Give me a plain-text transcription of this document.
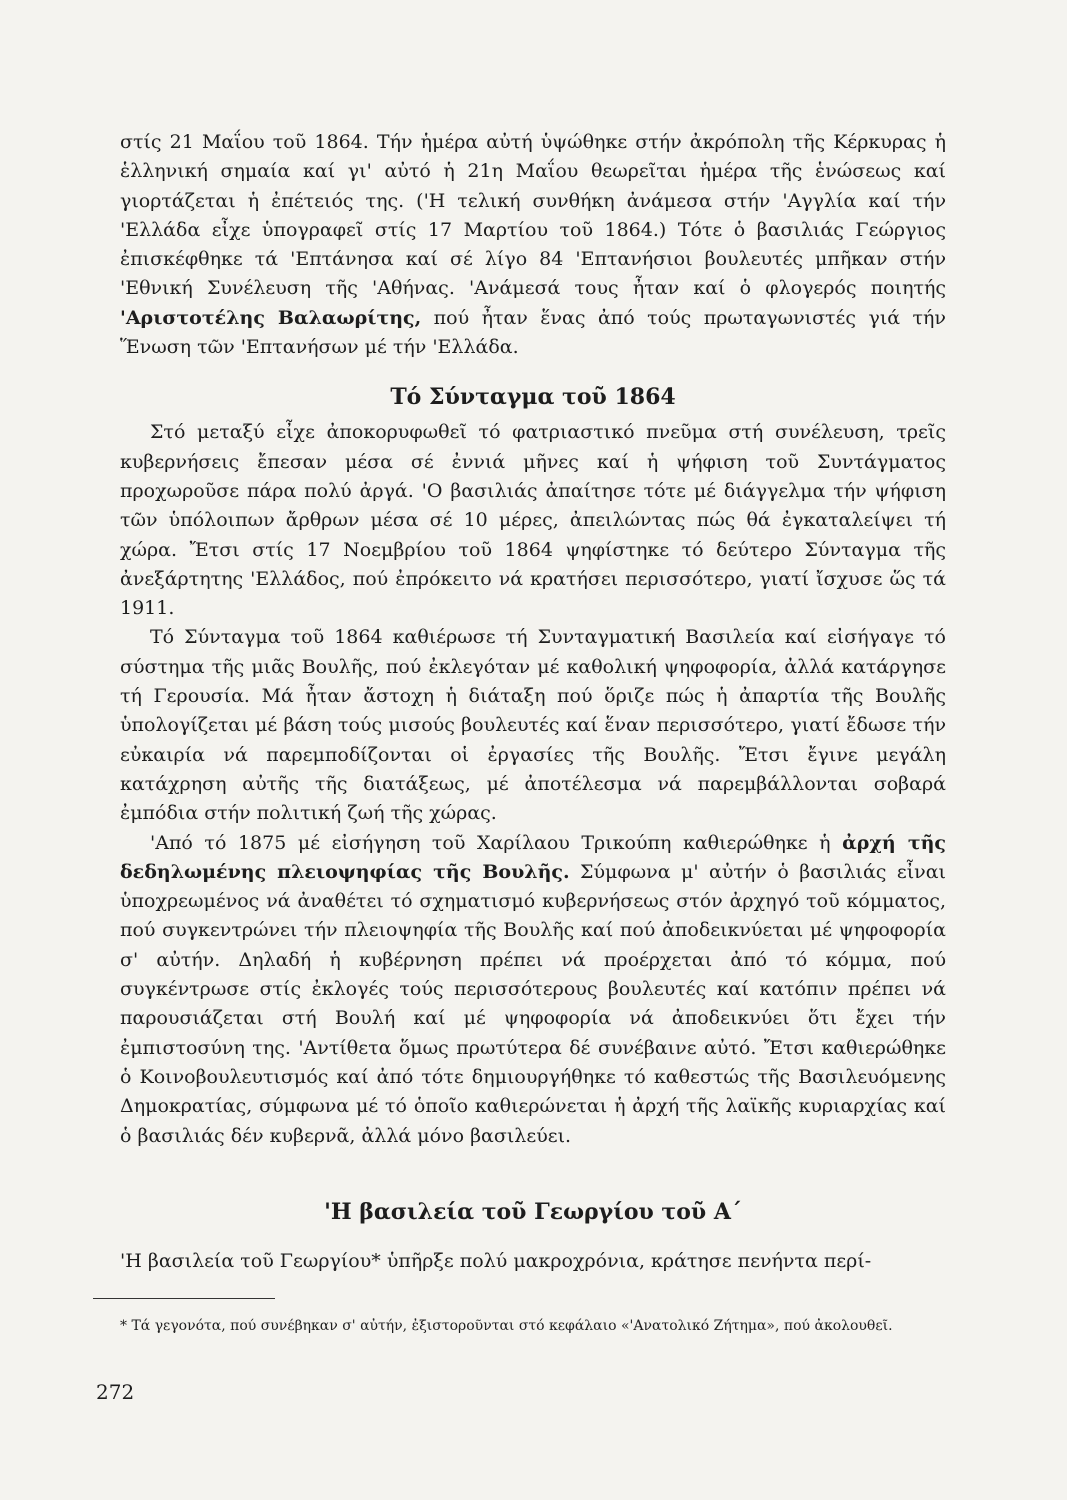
στίς 21 Μαΐου τοῦ 1864. Τήν ἡμέρα αὐτή ὑψώθηκε στήν ἀκρόπολη τῆς Κέρκυρας ἡ ἑλληνική σημαία καί γι' αὐτό ἡ 21η Μαΐου θεωρεῖται ἡμέρα τῆς ἑνώσεως καί γιορτάζεται ἡ ἐπέτειός της. ('Η τελική συνθήκη ἀνάμεσα στήν 'Αγγλία καί τήν 'Ελλάδα εἶχε ὑπογραφεῖ στίς 17 Μαρτίου τοῦ 1864.) Τότε ὁ βασιλιάς Γεώργιος ἐπισκέφθηκε τά 'Επτάνησα καί σέ λίγο 84 'Επτανήσιοι βουλευτές μπῆκαν στήν 'Εθνική Συνέλευση τῆς 'Αθήνας. 'Ανάμεσά τους ἦταν καί ὁ φλογερός ποιητής 'Αριστοτέλης Βαλαωρίτης, πού ἦταν ἕνας ἀπό τούς πρωταγωνιστές γιά τήν Ἕνωση τῶν 'Επτανήσων μέ τήν 'Ελλάδα.

Τό Σύνταγμα τοῦ 1864

Στό μεταξύ εἶχε ἀποκορυφωθεῖ τό φατριαστικό πνεῦμα στή συνέλευση, τρεῖς κυβερνήσεις ἔπεσαν μέσα σέ ἐννιά μῆνες καί ἡ ψήφιση τοῦ Συντάγματος προχωροῦσε πάρα πολύ ἀργά. 'Ο βασιλιάς ἀπαίτησε τότε μέ διάγγελμα τήν ψήφιση τῶν ὑπόλοιπων ἄρθρων μέσα σέ 10 μέρες, ἀπειλώντας πώς θά ἐγκαταλείψει τή χώρα. Ἔτσι στίς 17 Νοεμβρίου τοῦ 1864 ψηφίστηκε τό δεύτερο Σύνταγμα τῆς ἀνεξάρτητης 'Ελλάδος, πού ἐπρόκειτο νά κρατήσει περισσότερο, γιατί ἴσχυσε ὥς τά 1911.

Τό Σύνταγμα τοῦ 1864 καθιέρωσε τή Συνταγματική Βασιλεία καί εἰσήγαγε τό σύστημα τῆς μιᾶς Βουλῆς, πού ἐκλεγόταν μέ καθολική ψηφοφορία, ἀλλά κατάργησε τή Γερουσία. Μά ἦταν ἄστοχη ἡ διάταξη πού ὅριζε πώς ἡ ἀπαρτία τῆς Βουλῆς ὑπολογίζεται μέ βάση τούς μισούς βουλευτές καί ἕναν περισσότερο, γιατί ἔδωσε τήν εὐκαιρία νά παρεμποδίζονται οἱ ἐργασίες τῆς Βουλῆς. Ἔτσι ἔγινε μεγάλη κατάχρηση αὐτῆς τῆς διατάξεως, μέ ἀποτέλεσμα νά παρεμβάλλονται σοβαρά ἐμπόδια στήν πολιτική ζωή τῆς χώρας.

'Από τό 1875 μέ εἰσήγηση τοῦ Χαρίλαου Τρικούπη καθιερώθηκε ἡ ἀρχή τῆς δεδηλωμένης πλειοψηφίας τῆς Βουλῆς. Σύμφωνα μ' αὐτήν ὁ βασιλιάς εἶναι ὑποχρεωμένος νά ἀναθέτει τό σχηματισμό κυβερνήσεως στόν ἀρχηγό τοῦ κόμματος, πού συγκεντρώνει τήν πλειοψηφία τῆς Βουλῆς καί πού ἀποδεικνύεται μέ ψηφοφορία σ' αὐτήν. Δηλαδή ἡ κυβέρνηση πρέπει νά προέρχεται ἀπό τό κόμμα, πού συγκέντρωσε στίς ἐκλογές τούς περισσότερους βουλευτές καί κατόπιν πρέπει νά παρουσιάζεται στή Βουλή καί μέ ψηφοφορία νά ἀποδεικνύει ὅτι ἔχει τήν ἐμπιστοσύνη της. 'Αντίθετα ὅμως πρωτύτερα δέ συνέβαινε αὐτό. Ἔτσι καθιερώθηκε ὁ Κοινοβουλευτισμός καί ἀπό τότε δημιουργήθηκε τό καθεστώς τῆς Βασιλευόμενης Δημοκρατίας, σύμφωνα μέ τό ὁποῖο καθιερώνεται ἡ ἀρχή τῆς λαϊκῆς κυριαρχίας καί ὁ βασιλιάς δέν κυβερνᾶ, ἀλλά μόνο βασιλεύει.

'Η βασιλεία τοῦ Γεωργίου τοῦ Α΄

'Η βασιλεία τοῦ Γεωργίου* ὑπῆρξε πολύ μακροχρόνια, κράτησε πενήντα περί-

* Τά γεγονότα, πού συνέβηκαν σ' αὐτήν, ἐξιστοροῦνται στό κεφάλαιο «'Ανατολικό Ζήτημα», πού ἀκολουθεῖ.

272
